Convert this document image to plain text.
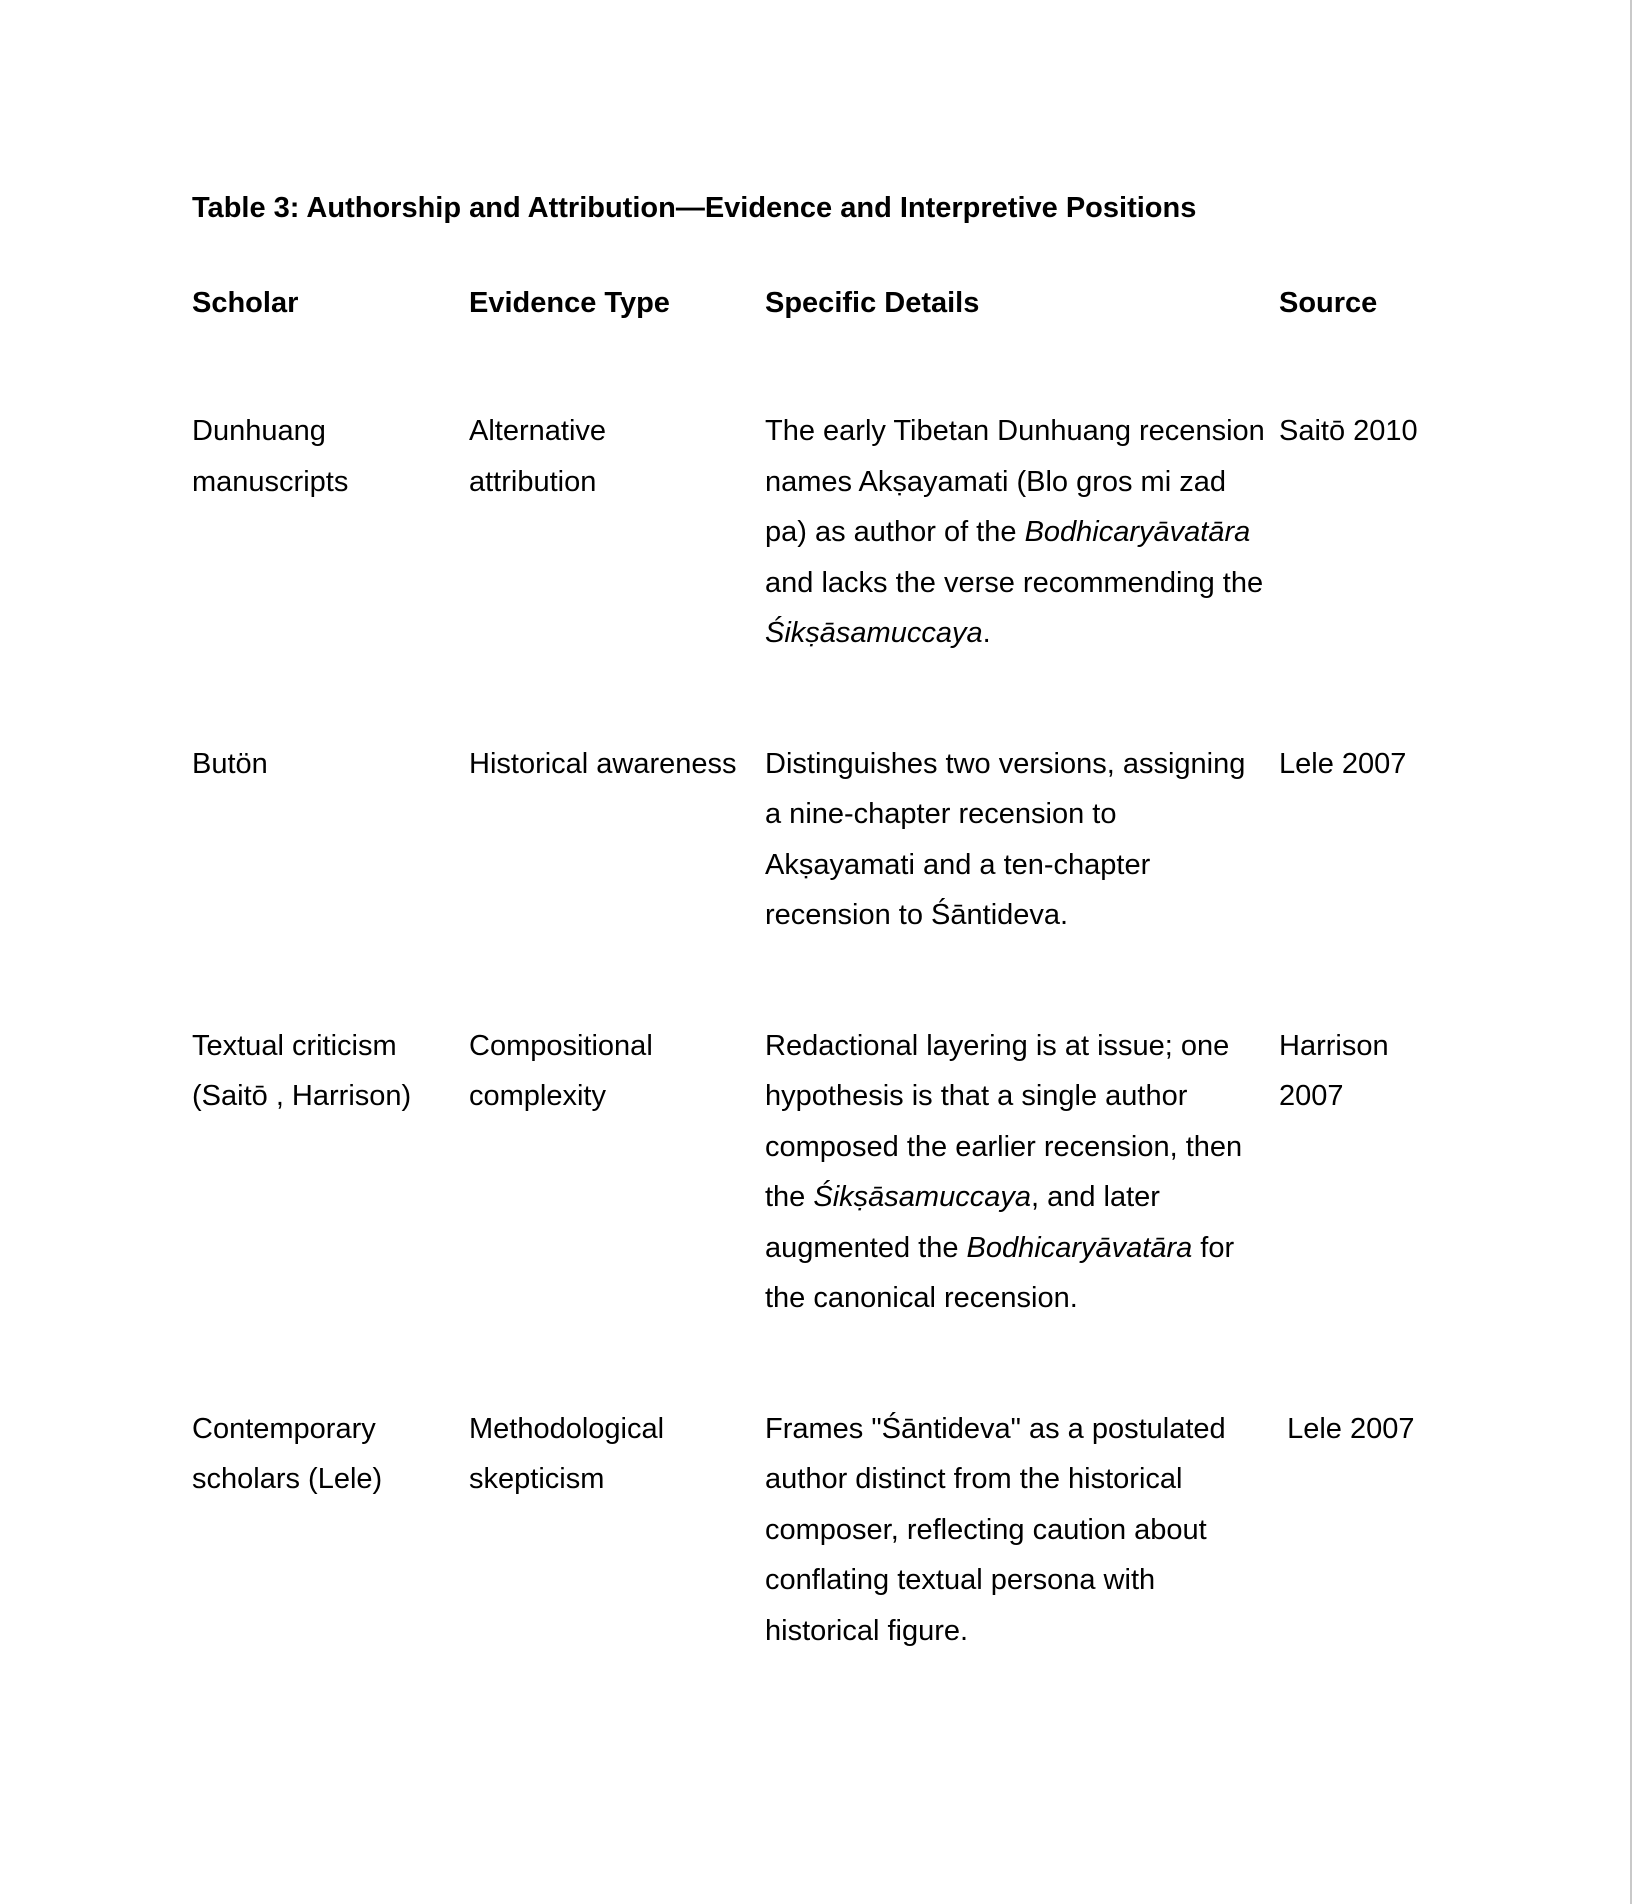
Table 3: Authorship and Attribution—Evidence and Interpretive Positions
Scholar	Evidence Type	Specific Details	Source

Dunhuang manuscripts	Alternative attribution	The early Tibetan Dunhuang recension names Akṣayamati (Blo gros mi zad pa) as author of the Bodhicaryāvatāra and lacks the verse recommending the Śikṣāsamuccaya.	Saitō 2010

Butön	Historical awareness	Distinguishes two versions, assigning a nine-chapter recension to Akṣayamati and a ten-chapter recension to Śāntideva.	Lele 2007

Textual criticism (Saitō , Harrison)	Compositional complexity	Redactional layering is at issue; one hypothesis is that a single author composed the earlier recension, then the Śikṣāsamuccaya, and later augmented the Bodhicaryāvatāra for the canonical recension.	Harrison 2007

Contemporary scholars (Lele)	Methodological skepticism	Frames "Śāntideva" as a postulated author distinct from the historical composer, reflecting caution about conflating textual persona with historical figure.	Lele 2007
